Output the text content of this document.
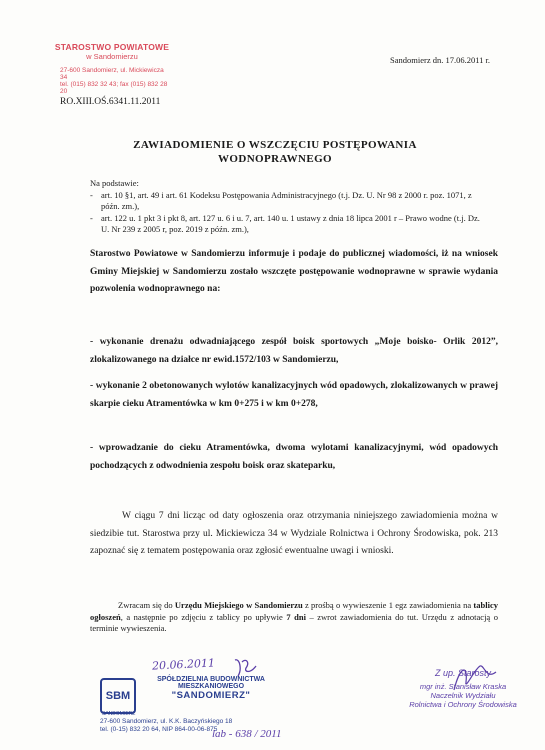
STAROSTWO POWIATOWE
w Sandomierzu
27-600 Sandomierz, ul. Mickiewicza 34
tel. (015) 832 32 43; fax (015) 832 28 20
Sandomierz dn. 17.06.2011 r.
RO.XIII.OŚ.6341.11.2011
ZAWIADOMIENIE O WSZCZĘCIU POSTĘPOWANIA
WODNOPRAWNEGO
Na podstawie:
- art. 10 §1, art. 49 i art. 61 Kodeksu Postępowania Administracyjnego (t.j. Dz. U. Nr 98 z 2000 r. poz. 1071, z późn. zm.),
- art. 122 u. 1 pkt 3 i pkt 8, art. 127 u. 6 i u. 7, art. 140 u. 1 ustawy z dnia 18 lipca 2001 r – Prawo wodne (t.j. Dz. U. Nr 239 z 2005 r, poz. 2019 z późn. zm.),
Starostwo Powiatowe w Sandomierzu informuje i podaje do publicznej wiadomości, iż na wniosek Gminy Miejskiej w Sandomierzu zostało wszczęte postępowanie wodnoprawne w sprawie wydania pozwolenia wodnoprawnego na:
- wykonanie drenażu odwadniającego zespół boisk sportowych „Moje boisko- Orlik 2012”, zlokalizowanego na działce nr ewid.1572/103 w Sandomierzu,
- wykonanie 2 obetonowanych wylotów kanalizacyjnych wód opadowych, zlokalizowanych w prawej skarpie cieku Atramentówka w km 0+275 i w km 0+278,
- wprowadzanie do cieku Atramentówka, dwoma wylotami kanalizacyjnymi, wód opadowych pochodzących z odwodnienia zespołu boisk oraz skateparku,
W ciągu 7 dni licząc od daty ogłoszenia oraz otrzymania niniejszego zawiadomienia można w siedzibie tut. Starostwa przy ul. Mickiewicza 34 w Wydziale Rolnictwa i Ochrony Środowiska, pok. 213 zapoznać się z tematem postępowania oraz zgłosić ewentualne uwagi i wnioski.
Zwracam się do Urzędu Miejskiego w Sandomierzu z prośbą o wywieszenie 1 egz zawiadomienia na tablicy ogłoszeń, a następnie po zdjęciu z tablicy po upływie 7 dni – zwrot zawiadomienia do tut. Urzędu z adnotacją o terminie wywieszenia.
20.06.2011
SBM
SPÓŁDZIELNIA BUDOWNICTWA
MIESZKANIOWEGO
"SANDOMIERZ"
SANDOMIERZ
27-600 Sandomierz, ul. K.K. Baczyńskiego 18
tel. (0-15) 832 20 64, NIP 864-00-06-875
lab - 638 / 2011
Z up. Starosty
mgr inż. Stanisław Kraska
Naczelnik Wydziału
Rolnictwa i Ochrony Środowiska
